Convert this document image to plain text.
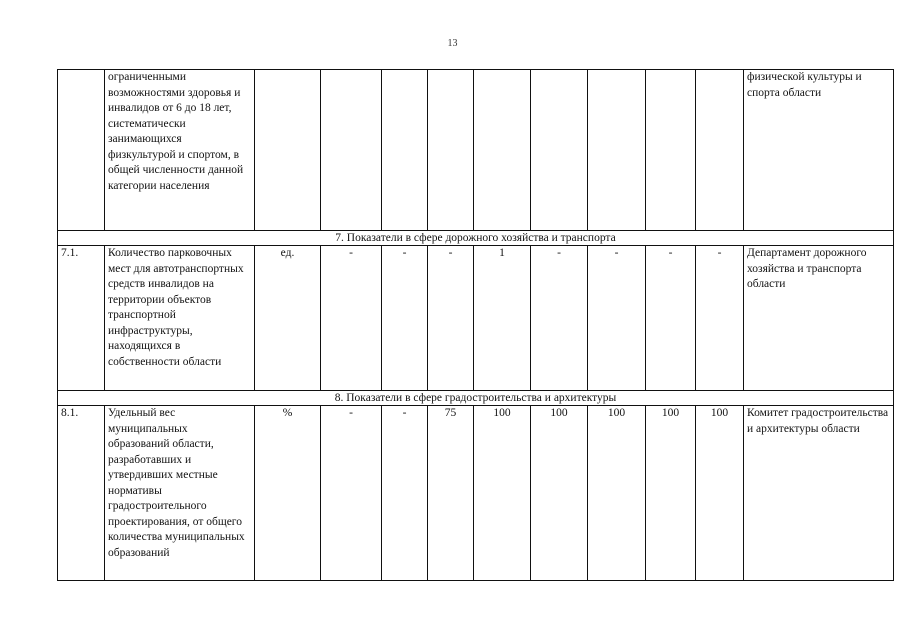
13
	ограниченными возможностями здоровья и инвалидов от 6 до 18 лет, систематически занимающихся физкультурой и спортом, в общей численности данной категории населения										физической культуры и спорта области
7. Показатели в сфере дорожного хозяйства и транспорта											
7.1.	Количество парковочных мест для автотранспортных средств инвалидов на территории объектов транспортной инфраструктуры, находящихся в собственности области	ед.	-	-	-	1	-	-	-	-	Департамент дорожного хозяйства и транспорта области
8. Показатели в сфере градостроительства и архитектуры											
8.1.	Удельный вес муниципальных образований области, разработавших и утвердивших местные нормативы градостроительного проектирования, от общего количества муниципальных образований	%	-	-	75	100	100	100	100	100	Комитет градостроительства и архитектуры области
